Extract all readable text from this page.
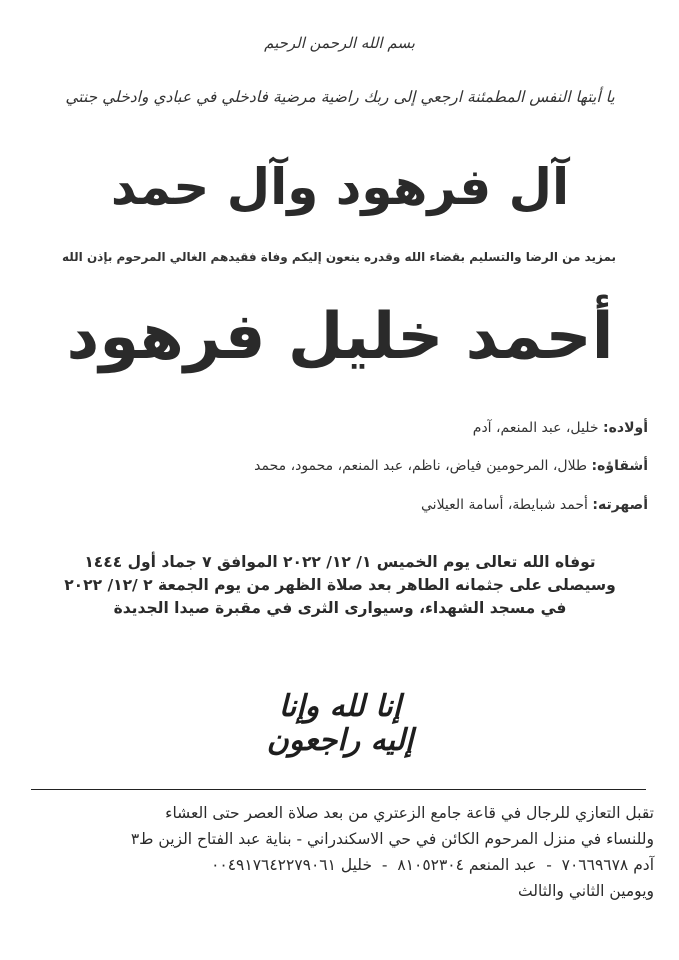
بسم الله الرحمن الرحيم
يا أيتها النفس المطمئنة ارجعي إلى ربك راضية مرضية فادخلي في عبادي وادخلي جنتي
آل فرهود وآل حمد
بمزيد من الرضا والتسليم بقضاء الله وقدره ينعون إليكم وفاة فقيدهم الغالي المرحوم بإذن الله
أحمد خليل فرهود
أولاده: خليل، عبد المنعم، آدم
أشقاؤه: طلال، المرحومين فياض، ناظم، عبد المنعم، محمود، محمد
أصهرته: أحمد شبايطة، أسامة العيلاني
توفاه الله تعالى يوم الخميس ١/ ١٢/ ٢٠٢٢ الموافق ٧ جماد أول ١٤٤٤
وسيصلى على جثمانه الطاهر بعد صلاة الظهر من يوم الجمعة ٢ /١٢/ ٢٠٢٢
في مسجد الشهداء، وسيوارى الثرى في مقبرة صيدا الجديدة
إنا لله وإنا
إليه راجعون
تقبل التعازي للرجال في قاعة جامع الزعتري من بعد صلاة العصر حتى العشاء
وللنساء في منزل المرحوم الكائن في حي الاسكندراني - بناية عبد الفتاح الزين ط٣
آدم ٧٠٦٦٩٦٧٨  -  عبد المنعم ٨١٠٥٢٣٠٤  -  خليل ٠٠٤٩١٧٦٤٢٢٧٩٠٦١
ويومين الثاني والثالث
